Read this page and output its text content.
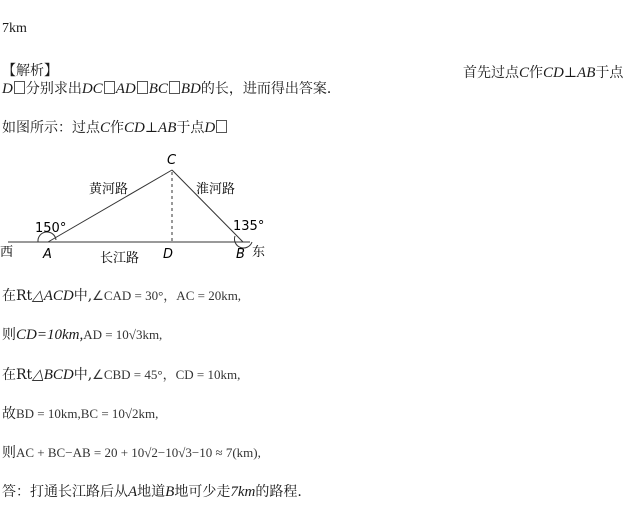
7km
【解析】	首先过点C作CD⊥AB于点
D 分别求出DC AD BC BD的长，进而得出答案．
如图所示：过点C作CD⊥AB于点D
C
A	D	B
150°	135°
黄河路	淮河路
长江路
西	东
在Rt△ACD中,∠CAD = 30°，AC = 20km,
则CD=10km,AD = 10√3km,
在Rt△BCD中,∠CBD = 45°，CD = 10km,
故BD = 10km,BC = 10√2km,
则AC + BC−AB = 20 + 10√2−10√3−10 ≈ 7(km),
答：打通长江路后从A地道B地可少走7km的路程.
